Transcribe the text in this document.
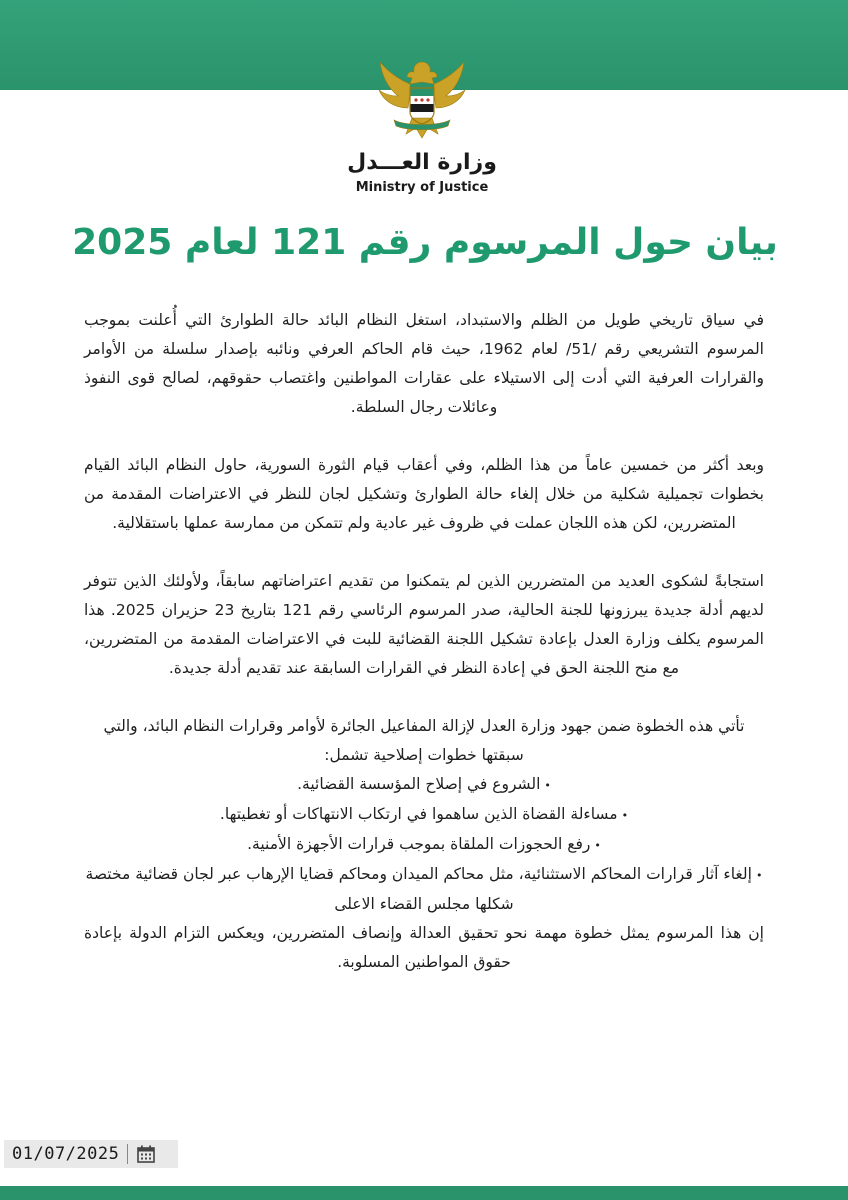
وزارة العـــدل
Ministry of Justice
بيان حول المرسوم رقم 121 لعام 2025

في سياق تاريخي طويل من الظلم والاستبداد، استغل النظام البائد حالة الطوارئ التي أُعلنت بموجب المرسوم التشريعي رقم /51/ لعام 1962، حيث قام الحاكم العرفي ونائبه بإصدار سلسلة من الأوامر والقرارات العرفية التي أدت إلى الاستيلاء على عقارات المواطنين واغتصاب حقوقهم، لصالح قوى النفوذ وعائلات رجال السلطة.

وبعد أكثر من خمسين عاماً من هذا الظلم، وفي أعقاب قيام الثورة السورية، حاول النظام البائد القيام بخطوات تجميلية شكلية من خلال إلغاء حالة الطوارئ وتشكيل لجان للنظر في الاعتراضات المقدمة من المتضررين، لكن هذه اللجان عملت في ظروف غير عادية ولم تتمكن من ممارسة عملها باستقلالية.

استجابةً لشكوى العديد من المتضررين الذين لم يتمكنوا من تقديم اعتراضاتهم سابقاً، ولأولئك الذين تتوفر لديهم أدلة جديدة يبرزونها للجنة الحالية، صدر المرسوم الرئاسي رقم 121 بتاريخ 23 حزيران 2025. هذا المرسوم يكلف وزارة العدل بإعادة تشكيل اللجنة القضائية للبت في الاعتراضات المقدمة من المتضررين، مع منح اللجنة الحق في إعادة النظر في القرارات السابقة عند تقديم أدلة جديدة.

تأتي هذه الخطوة ضمن جهود وزارة العدل لإزالة المفاعيل الجائرة لأوامر وقرارات النظام البائد، والتي سبقتها خطوات إصلاحية تشمل:

•الشروع في إصلاح المؤسسة القضائية.
•مساءلة القضاة الذين ساهموا في ارتكاب الانتهاكات أو تغطيتها.
•رفع الحجوزات الملقاة بموجب قرارات الأجهزة الأمنية.
•إلغاء آثار قرارات المحاكم الاستثنائية، مثل محاكم الميدان ومحاكم قضايا الإرهاب عبر لجان قضائية مختصة شكلها مجلس القضاء الاعلى

إن هذا المرسوم يمثل خطوة مهمة نحو تحقيق العدالة وإنصاف المتضررين، ويعكس التزام الدولة بإعادة حقوق المواطنين المسلوبة.

01/07/2025
